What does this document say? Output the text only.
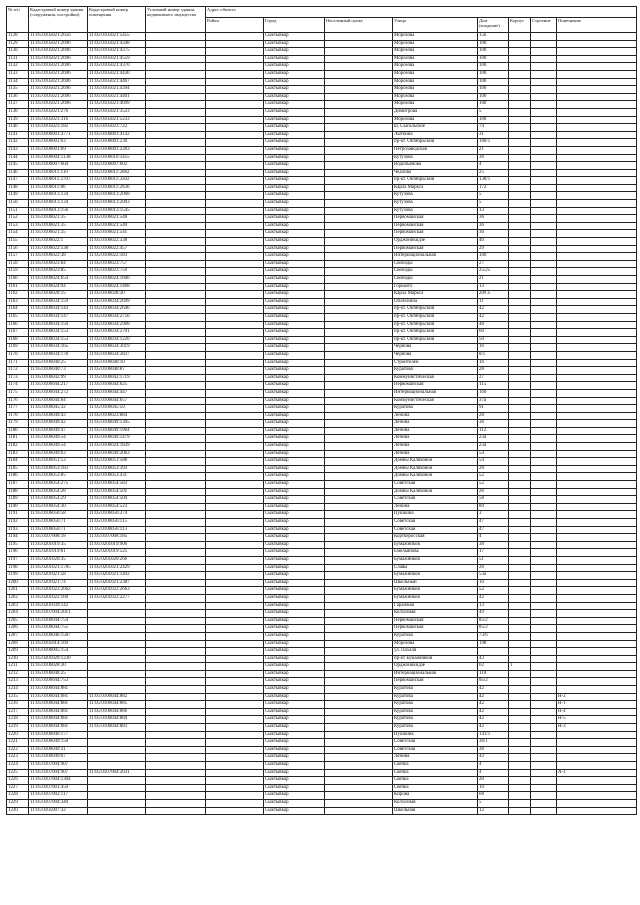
№ п/п	Кадастровый номер здания (сооружения, постройки)	Кадастровый номер помещения	Условный номер здания, недвижимого имущества	Адрес объекта							
				Район	Город	Населенный пункт	Улица	Дом (владение)	Корпус	Строение	Помещение
1128	11:05:0105021:2656	11:05:0105021:5455			Сыктывкар		Морозова	156			
1129	11:05:0105021:2696	11:05:0105021:4348			Сыктывкар		Морозова	100			
1130	11:05:0105021:2696	11:05:0105021:4375			Сыктывкар		Морозова	100			
1131	11:05:0105021:2696	11:05:0105021:4559			Сыктывкар		Морозова	100			
1132	11:05:0105021:2696	11:05:0105021:4370			Сыктывкар		Морозова	100			
1133	11:05:0105021:2696	11:05:0105021:4430			Сыктывкар		Морозова	100			
1134	11:05:0105021:2696	11:05:0105021:4467			Сыктывкар		Морозова	100			
1135	11:05:0105021:2696	11:05:0105021:4394			Сыктывкар		Морозова	100			
1136	11:05:0105021:2696	11:05:0105021:4401			Сыктывкар		Морозова	100			
1137	11:05:0105021:2696	11:05:0105021:4699			Сыктывкар		Морозова	100			
1138	11:05:0105021:276	11:05:0105021:3523			Сыктывкар		Димитрова	5			
1139	11:05:0105021:316	11:05:0105021:5233			Сыктывкар		Морозова	100			
1140	11:05:0105023:182	11:05:0105023:722			Сыктывкар		ш. Сысольское	74			
1141	11:05:0106001:3771	11:05:0106001:4142			Сыктывкар		Лыткина	31			
1142	11:05:0106001:63	11:05:0106001:230			Сыктывкар		пр-кт. Октябрьский	180/1			
1143	11:05:0106001:69	11:05:0106001:2283			Сыктывкар		Петрозаводская	21			
1144	11:05:0106004:1138	11:05:0106010:1455			Сыктывкар		Кутузова	36			
1145	11:05:0106007:604	11:05:0106007:602			Сыктывкар		Водопьянова	4			
1146	11:05:0106011:110	11:05:0106011:2082			Сыктывкар		Чкалова	25			
1147	11:05:0106011:2707	11:05:0106011:3302			Сыктывкар		пр-кт. Октябрьский	138/1			
1148	11:05:0106011:86	11:05:0106011:2936			Сыктывкар		Карла Маркса	172			
1149	11:05:0106013:134	11:05:0106013:2068			Сыктывкар		Кутузова	5			
1150	11:05:0106013:134	11:05:0106013:2093			Сыктывкар		Кутузова	5			
1151	11:05:0106013:156	11:05:0106013:1545			Сыктывкар		Кутузова	13			
1152	11:05:0106021:35	11:05:0106021:548			Сыктывкар		Первомайская	36			
1153	11:05:0106021:35	11:05:0106021:540			Сыктывкар		Первомайская	36			
1154	11:05:0106021:35	11:05:0106021:541			Сыктывкар		Первомайская	36			
1155	11:05:0106022:1	11:05:0106022:338			Сыктывкар		Орджоникидзе	40			
1156	11:05:0106022:138	11:05:0106022:457			Сыктывкар		Первомайская	29			
1157	11:05:0106022:38	11:05:0106022:183			Сыктывкар		Интернациональная	100			
1158	11:05:0106023:84	11:05:0106023:757			Сыктывкар		Свободы	27			
1159	11:05:0106023:85	11:05:0106023:759			Сыктывкар		Свободы	25/25			
1160	11:05:0106024:654	11:05:0106024:1600			Сыктывкар		Свободы	21			
1161	11:05:0106024:94	11:05:0106024:1468			Сыктывкар		Горького	13			
1162	11:05:0106028:15	11:05:0106028:30			Сыктывкар		Карла Маркса	209 а			
1163	11:05:0106034:159	11:05:0106034:2699			Сыктывкар		Оплеснина	11			
1164	11:05:0106034:143	11:05:0106034:2646			Сыктывкар		пр-кт. Октябрьский	42			
1165	11:05:0106034:147	11:05:0106034:2750			Сыктывкар		пр-кт. Октябрьский	42			
1166	11:05:0106034:150	11:05:0106034:2908			Сыктывкар		пр-кт. Октябрьский	48			
1167	11:05:0106034:153	11:05:0106034:2701			Сыктывкар		пр-кт. Октябрьский	60			
1168	11:05:0106034:153	11:05:0106034:1220			Сыктывкар		пр-кт. Октябрьский	50			
1169	11:05:0106034:165	11:05:0106034:3019			Сыктывкар		Чернова	16			
1170	11:05:0106034:178	11:05:0106034:2837			Сыктывкар		Чернова	8/1			
1171	11:05:0106040:25	11:05:0106040:10			Сыктывкар		Строителей	16			
1172	11:05:0106040:73	11:05:0106040:87			Сыктывкар		Куратова	28			
1173	11:05:0106042:99	11:05:0106042:1719			Сыктывкар		Коммунистическая	27			
1174	11:05:0106044:217	11:05:0106044:625			Сыктывкар		Первомайская	115			
1175	11:05:0106044:272	11:05:0106044:447			Сыктывкар		Интернациональная	160			
1176	11:05:0106044:84	11:05:0106044:657			Сыктывкар		Коммунистическая	37а			
1177	11:05:0106045:32	11:05:0106045:59			Сыктывкар		Куратова	91			
1178	11:05:0106049:43	11:05:0106023:884			Сыктывкар		Ленина	28			
1179	11:05:0106049:42	11:05:0106049:1305			Сыктывкар		Ленина	38			
1180	11:05:0106049:47	11:05:0106049:1964			Сыктывкар		Ленина	112			
1181	11:05:0106049:54	11:05:0106049:1479			Сыктывкар		Ленина	23а			
1182	11:05:0106049:54	11:05:0106024:1839			Сыктывкар		Ленина	23а			
1183	11:05:0106049:63	11:05:0106049:2063			Сыктывкар		Ленина	54			
1184	11:05:0106051:53	11:05:0106051:588			Сыктывкар		Домны Каликовой	54			
1185	11:05:0106053:183	11:05:0106053:393			Сыктывкар		Домны Каликовой	28			
1186	11:05:0106053:85	11:05:0106053:431			Сыктывкар		Домны Каликовой	52			
1187	11:05:0106054:275	11:05:0106054:583			Сыктывкар		Советская	52			
1188	11:05:0106054:28	11:05:0106054:501			Сыктывкар		Домны Каликовой	26			
1189	11:05:0106054:29	11:05:0106054:504			Сыктывкар		Советская	58			
1190	11:05:0106054:30	11:05:0106054:523			Сыктывкар		Ленина	89			
1191	11:05:0106056:58	11:05:0106056:374			Сыктывкар		Пушкина	3			
1192	11:05:0106056:71	11:05:0106056:115			Сыктывкар		Советская	47			
1193	11:05:0106056:71	11:05:0106056:113			Сыктывкар		Советская	47			
1194	11:05:0107008:18	11:05:0107008:185			Сыктывкар		Корткеросская	4			
1195	11:05:0201019:35	11:05:0201019:906			Сыктывкар		Бумажников	38			
1196	11:05:0201019:61	11:05:0201019:525			Сыктывкар		Емельянова	17			
1197	11:05:0201020:35	11:05:0201020:266			Сыктывкар		Бумажников	51			
1198	11:05:0201021:1785	11:05:0201021:2429			Сыктывкар		Славы	26			
1199	11:05:0201021:58	11:05:0201021:1492			Сыктывкар		Бумажников	53а			
1200	11:05:0201021:74	11:05:0201021:2387			Сыктывкар		Школьный	10			
1201	11:05:0201022:2662	11:05:0201022:2663			Сыктывкар		Бумажников	52			
1202	11:05:0201022:160	11:05:0201022:2277			Сыктывкар		Бумажников	42			
1203	11:05:0201039:142				Сыктывкар		Гаражная	13			
1204	11:05:0107004:2011				Сыктывкар		Колхозная	49			
1205	11:05:0106044:754				Сыктывкар		Первомайская	85/2			
1206	11:05:0106044:755				Сыктывкар		Первомайская	85/2			
1207	11:05:0106046:1587				Сыктывкар		Куратова	73/6			
1208	11:05:0105014:169				Сыктывкар		Морозова	198			
1209	11:05:0106005:154				Сыктывкар		ул. Пахаля				
1210	11:05:0201020:1230				Сыктывкар		пр-кт Бумажников	43			
1211	11:05:0106028:30				Сыктывкар		Орджоникидзе	62	1		
1212	11:05:0106048:25				Сыктывкар		Интернациональная	110			
1213	11:05:0106044:753				Сыктывкар		Первомайская	85/2			
1214	11:05:0106044:881				Сыктывкар		Куратова	42			
1215	11:05:0106044:881	11:05:0106044:882			Сыктывкар		Куратова	42			Н-2
1216	11:05:0106044:881	11:05:0106044:885			Сыктывкар		Куратова	42			Н-1
1217	11:05:0106044:881	11:05:0106044:886			Сыктывкар		Куратова	42			Н-4
1218	11:05:0106044:881	11:05:0106044:884			Сыктывкар		Куратова	42			Н-5
1219	11:05:0106044:881	11:05:0106044:883			Сыктывкар		Куратова	42			Н-3
1220	11:05:0106046:177				Сыктывкар		Пушкина	141/1			
1221	11:05:0106049:150				Сыктывкар		Советская	36/1			
1222	11:05:0106049:31				Сыктывкар		Советская	38			
1223	11:05:0106049:67				Сыктывкар		Ленина	43			
1224	11:05:0107004:907				Сыктывкар		Свечка	4			
1225	11:05:0107004:907	11:05:0107004:2031			Сыктывкар		Свечка	4			А-1
1226	11:05:0107004:1304				Сыктывкар		Свечка	20			
1227	11:05:0107001:459				Сыктывкар		Свечка	10			
1228	11:05:0107002:117				Сыктывкар		Кирова	68			
1229	11:05:0107004:340				Сыктывкар		Колхозная	5			
1230	11:05:0105007:32				Сыктывкар		Школьная	12			
